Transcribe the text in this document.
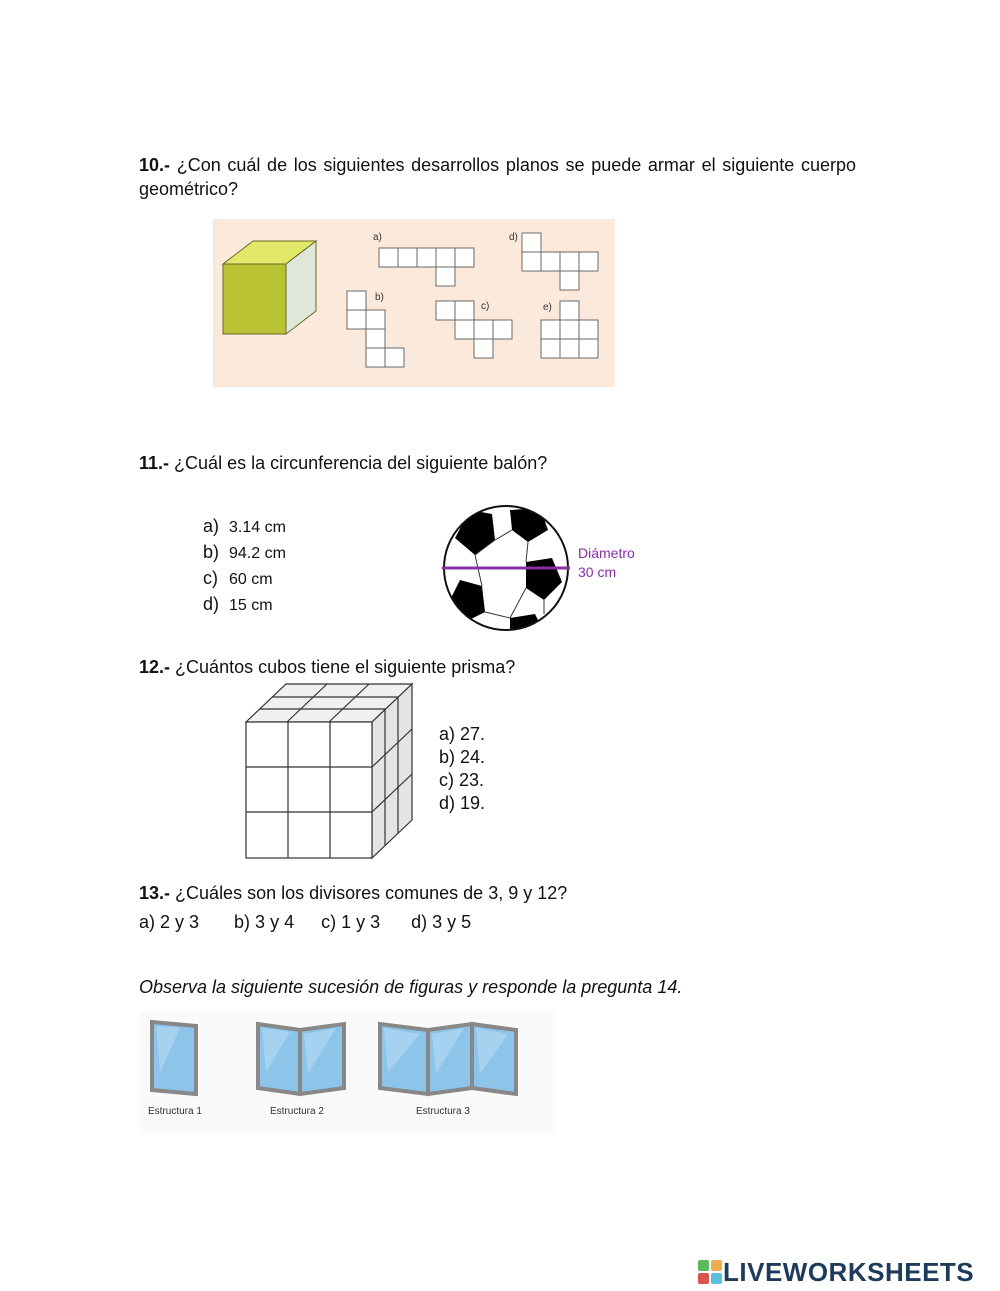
10.- ¿Con cuál de los siguientes desarrollos planos se puede armar el siguiente cuerpo geométrico?
a)
b)
c)
d)
e)
11.- ¿Cuál es la circunferencia del siguiente balón?
a) 3.14 cm
b) 94.2 cm
c) 60 cm
d) 15 cm
Diámetro
30 cm
12.- ¿Cuántos cubos tiene el siguiente prisma?
a) 27.
b) 24.
c) 23.
d) 19.
13.- ¿Cuáles son los divisores comunes de 3, 9 y 12?
a) 2 y 3 b) 3 y 4 c) 1 y 3 d) 3 y 5
Observa la siguiente sucesión de figuras y responde la pregunta 14.
Estructura 1	Estructura 2	Estructura 3
LIVEWORKSHEETS
